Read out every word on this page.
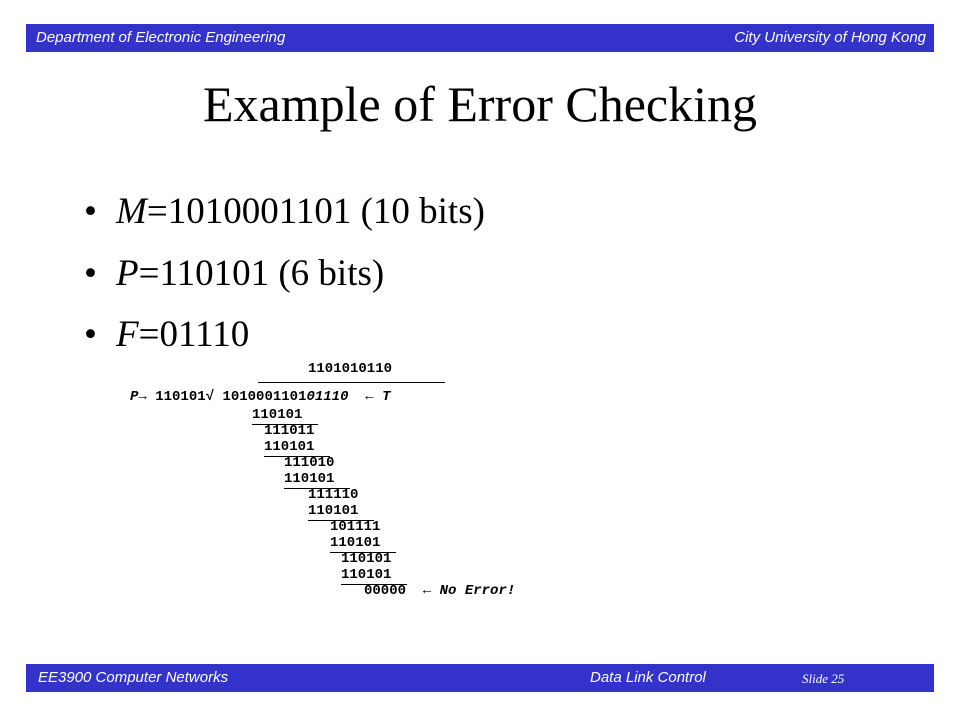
Department of Electronic Engineering	City University of Hong Kong
Example of Error Checking
• M=1010001101 (10 bits)
• P=110101 (6 bits)
• F=01110
1101010110
P→ 110101√ 101000110101110 ← T
110101
111011
110101
111010
110101
111110
110101
101111
110101
110101
110101
00000 ← No Error!
EE3900 Computer Networks	Data Link Control	Slide 25
